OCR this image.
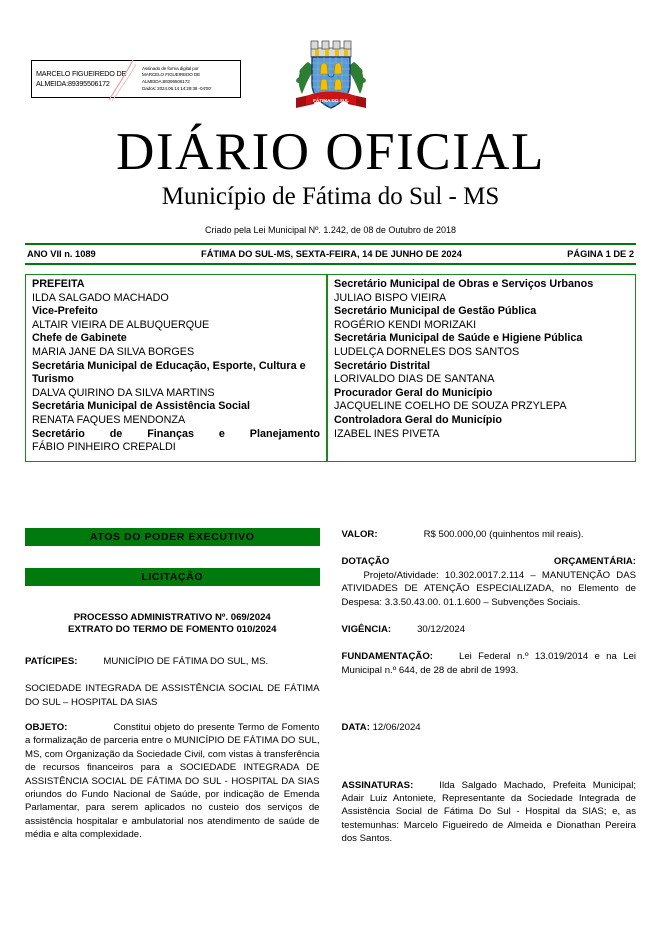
MARCELO FIGUEIREDO DE
ALMEIDA:89395506172
Assinado de forma digital por
MARCELO FIGUEIREDO DE
ALMEIDA:89395506172
Dados: 2024.06.14 14:29:38 -04'00'
FÁTIMA DO SUL
DIÁRIO OFICIAL
Município de Fátima do Sul - MS
Criado pela Lei Municipal Nº. 1.242, de 08 de Outubro de 2018
ANO VII n. 1089	FÁTIMA DO SUL-MS, SEXTA-FEIRA, 14 DE JUNHO DE 2024	PÁGINA 1 DE 2
PREFEITA
ILDA SALGADO MACHADO
Vice-Prefeito
ALTAIR VIEIRA DE ALBUQUERQUE
Chefe de Gabinete
MARIA JANE DA SILVA BORGES
Secretária Municipal de Educação, Esporte, Cultura e Turismo
DALVA QUIRINO DA SILVA MARTINS
Secretária Municipal de Assistência Social
RENATA FAQUES MENDONZA
Secretário de Finanças e Planejamento
FÁBIO PINHEIRO CREPALDI
Secretário Municipal de Obras e Serviços Urbanos
JULIAO BISPO VIEIRA
Secretário Municipal de Gestão Pública
ROGÉRIO KENDI MORIZAKI
Secretária Municipal de Saúde e Higiene Pública
LUDELÇA DORNELES DOS SANTOS
Secretário Distrital
LORIVALDO DIAS DE SANTANA
Procurador Geral do Município
JACQUELINE COELHO DE SOUZA PRZYLEPA
Controladora Geral do Município
IZABEL INES PIVETA
ATOS DO PODER EXECUTIVO
LICITAÇÃO
PROCESSO ADMINISTRATIVO Nº. 069/2024
EXTRATO DO TERMO DE FOMENTO 010/2024

PATÍCIPES:	MUNICÍPIO DE FÁTIMA DO SUL, MS.

SOCIEDADE INTEGRADA DE ASSISTÊNCIA SOCIAL DE FÁTIMA DO SUL – HOSPITAL DA SIAS

OBJETO:	Constitui objeto do presente Termo de Fomento a formalização de parceria entre o MUNICÍPIO DE FÁTIMA DO SUL, MS, com Organização da Sociedade Civil, com vistas à transferência de recursos financeiros para a SOCIEDADE INTEGRADA DE ASSISTÊNCIA SOCIAL DE FÁTIMA DO SUL - HOSPITAL DA SIAS oriundos do Fundo Nacional de Saúde, por indicação de Emenda Parlamentar, para serem aplicados no custeio dos serviços de assistência hospitalar e ambulatorial nos atendimento de saúde de média e alta complexidade.

VALOR:	R$ 500.000,00 (quinhentos mil reais).

DOTAÇÃO	ORÇAMENTÁRIA:

Projeto/Atividade: 10.302.0017.2.114 – MANUTENÇÃO DAS ATIVIDADES DE ATENÇÃO ESPECIALIZADA, no Elemento de Despesa: 3.3.50.43.00. 01.1.600 – Subvenções Sociais.

VIGÊNCIA:	30/12/2024

FUNDAMENTAÇÃO:	Lei Federal n.º 13.019/2014 e na Lei Municipal n.º 644, de 28 de abril de 1993.

DATA: 12/06/2024

ASSINATURAS:	Ilda Salgado Machado, Prefeita Municipal; Adair Luiz Antoniete, Representante da Sociedade Integrada de Assistência Social de Fátima Do Sul - Hospital da SIAS; e, as testemunhas: Marcelo Figueiredo de Almeida e Dionathan Pereira dos Santos.
